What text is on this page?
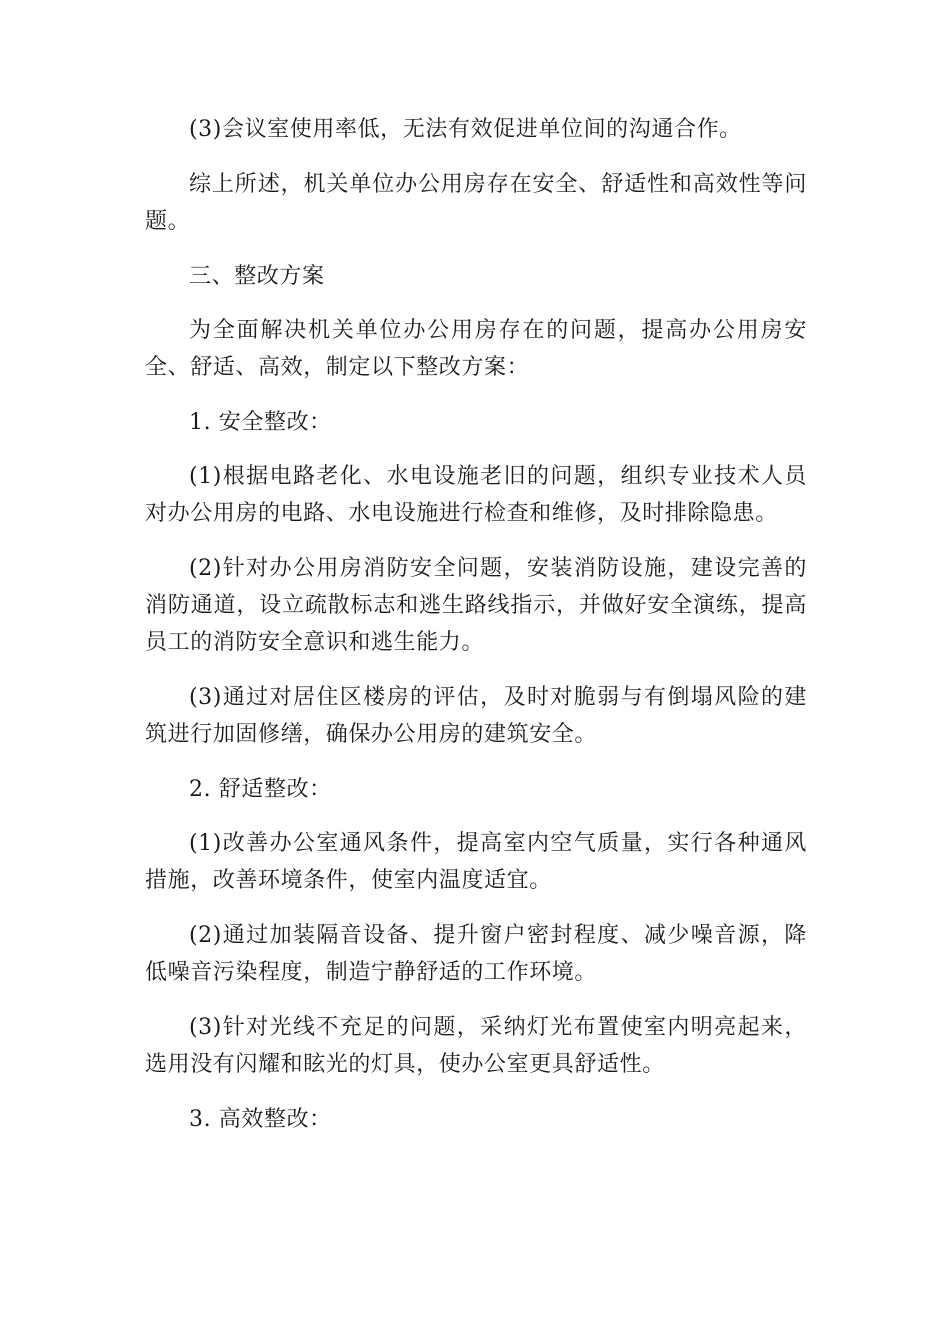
(3)会议室使用率低，无法有效促进单位间的沟通合作。

综上所述，机关单位办公用房存在安全、舒适性和高效性等问题。

三、整改方案

为全面解决机关单位办公用房存在的问题，提高办公用房安全、舒适、高效，制定以下整改方案：

1. 安全整改：

(1)根据电路老化、水电设施老旧的问题，组织专业技术人员对办公用房的电路、水电设施进行检查和维修，及时排除隐患。

(2)针对办公用房消防安全问题，安装消防设施，建设完善的消防通道，设立疏散标志和逃生路线指示，并做好安全演练，提高员工的消防安全意识和逃生能力。

(3)通过对居住区楼房的评估，及时对脆弱与有倒塌风险的建筑进行加固修缮，确保办公用房的建筑安全。

2. 舒适整改：

(1)改善办公室通风条件，提高室内空气质量，实行各种通风措施，改善环境条件，使室内温度适宜。

(2)通过加装隔音设备、提升窗户密封程度、减少噪音源，降低噪音污染程度，制造宁静舒适的工作环境。

(3)针对光线不充足的问题，采纳灯光布置使室内明亮起来，选用没有闪耀和眩光的灯具，使办公室更具舒适性。

3. 高效整改：
